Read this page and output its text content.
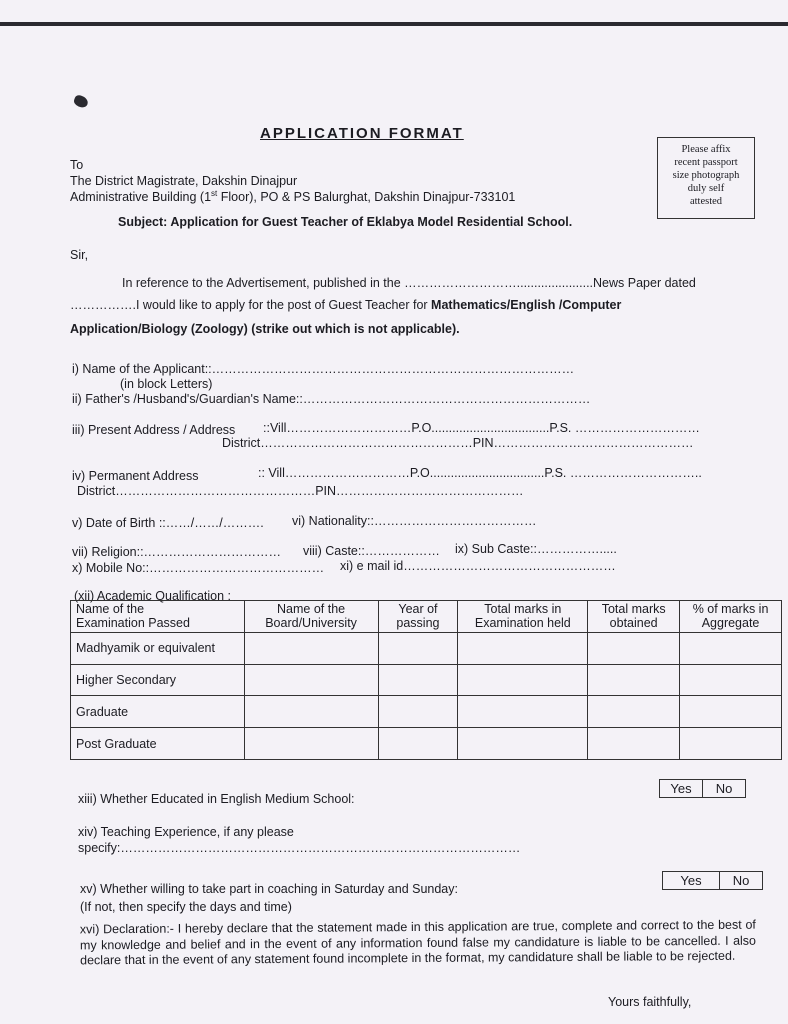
APPLICATION FORMAT
Please affix
recent passport
size photograph
duly self
attested
To
The District Magistrate, Dakshin Dinajpur
Administrative Building (1st Floor), PO & PS Balurghat, Dakshin Dinajpur-733101
Subject: Application for Guest Teacher of Eklabya Model Residential School.
Sir,
In reference to the Advertisement, published in the ………………………......................News Paper dated
…………….I would like to apply for the post of Guest Teacher for Mathematics/English /Computer
Application/Biology (Zoology) (strike out which is not applicable).
i) Name of the Applicant::……………………………………………………………………………
(in block Letters)
ii) Father's /Husband's/Guardian's Name::……………………………………………………………
iii) Present Address / Address ::Vill…………………………P.O..................................P.S. …………………………
District……………………………………………PIN…………………………………………
iv) Permanent Address	:: Vill…………………………P.O.................................P.S. …………………………..
District…………………………………………PIN………………………………………
v) Date of Birth ::……/……/………. vi) Nationality::…………………………………
vii) Religion::…………………………… viii) Caste::……………… ix) Sub Caste::…………….....
x) Mobile No::…………………………………… xi) e mail id……………………………………………
(xii) Academic Qualification :
Name of the
Examination Passed	Name of the
Board/University	Year of
passing	Total marks in
Examination held	Total marks
obtained	% of marks in
Aggregate
Madhyamik or equivalent					
Higher Secondary					
Graduate					
Post Graduate					
Yes	No
xiii) Whether Educated in English Medium School:
xiv) Teaching Experience, if any please
specify:……………………………………………………………………………………
Yes	No
xv) Whether willing to take part in coaching in Saturday and Sunday:
(If not, then specify the days and time)
xvi) Declaration:- I hereby declare that the statement made in this application are true, complete and correct to the best of my knowledge and belief and in the event of any information found false my candidature is liable to be cancelled. I also declare that in the event of any statement found incomplete in the format, my candidature shall be liable to be rejected.
Yours faithfully,
